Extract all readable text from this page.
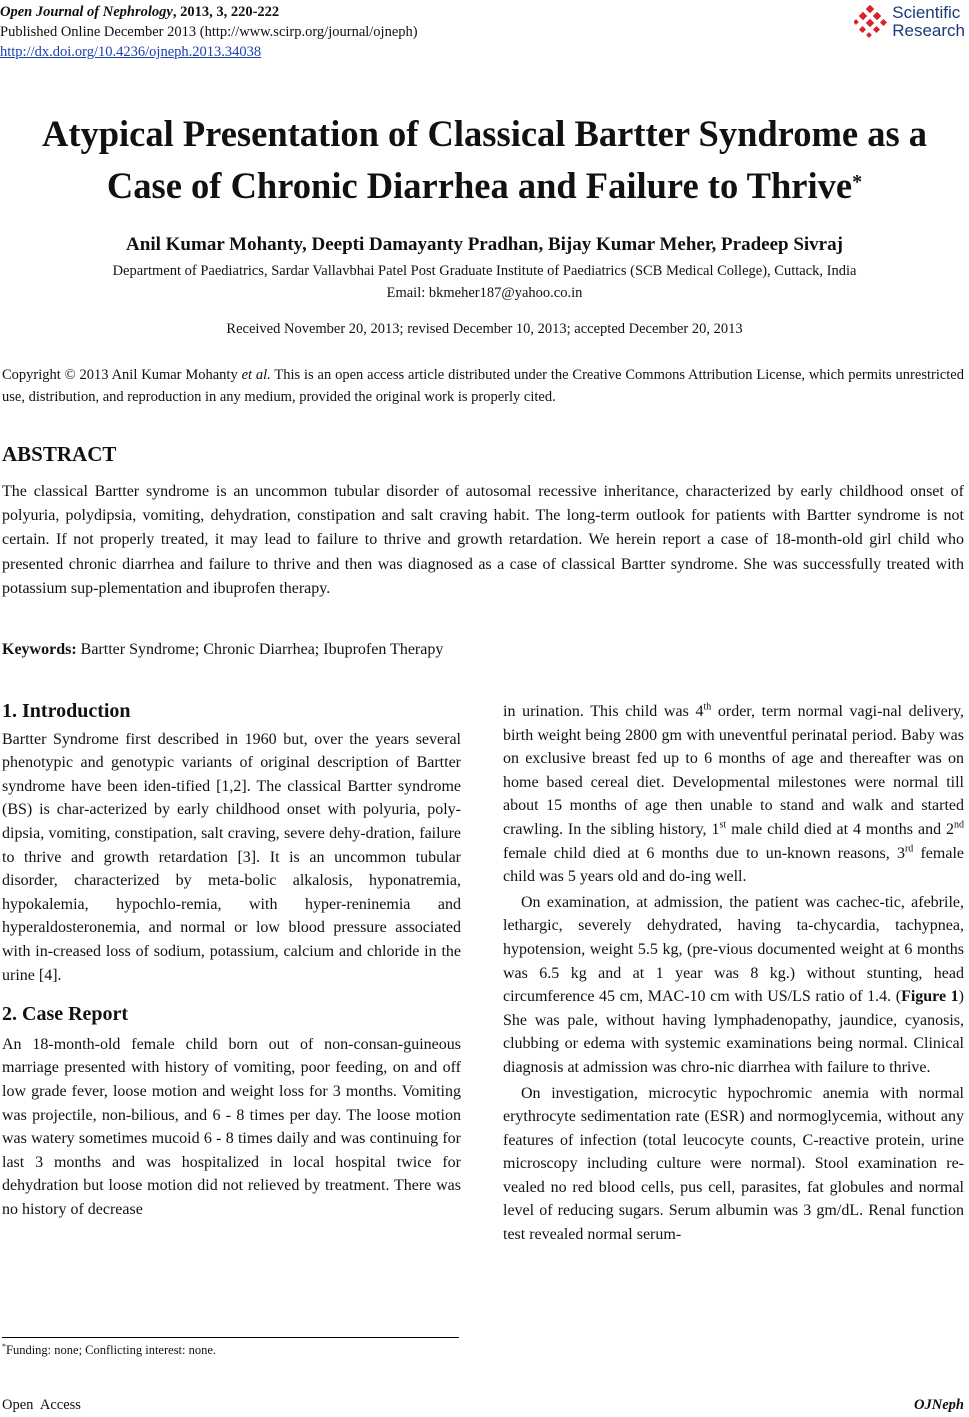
Open Journal of Nephrology, 2013, 3, 220-222
Published Online December 2013 (http://www.scirp.org/journal/ojneph)
http://dx.doi.org/10.4236/ojneph.2013.34038
Scientific
Research
Atypical Presentation of Classical Bartter Syndrome as a
Case of Chronic Diarrhea and Failure to Thrive*
Anil Kumar Mohanty, Deepti Damayanty Pradhan, Bijay Kumar Meher, Pradeep Sivraj
Department of Paediatrics, Sardar Vallavbhai Patel Post Graduate Institute of Paediatrics (SCB Medical College), Cuttack, India
Email: bkmeher187@yahoo.co.in
Received November 20, 2013; revised December 10, 2013; accepted December 20, 2013
Copyright © 2013 Anil Kumar Mohanty et al. This is an open access article distributed under the Creative Commons Attribution License, which permits unrestricted use, distribution, and reproduction in any medium, provided the original work is properly cited.
ABSTRACT
The classical Bartter syndrome is an uncommon tubular disorder of autosomal recessive inheritance, characterized by early childhood onset of polyuria, polydipsia, vomiting, dehydration, constipation and salt craving habit. The long-term outlook for patients with Bartter syndrome is not certain. If not properly treated, it may lead to failure to thrive and growth retardation. We herein report a case of 18-month-old girl child who presented chronic diarrhea and failure to thrive and then was diagnosed as a case of classical Bartter syndrome. She was successfully treated with potassium sup-plementation and ibuprofen therapy.
Keywords: Bartter Syndrome; Chronic Diarrhea; Ibuprofen Therapy
1. Introduction

Bartter Syndrome first described in 1960 but, over the years several phenotypic and genotypic variants of original description of Bartter syndrome have been iden-tified [1,2]. The classical Bartter syndrome (BS) is char-acterized by early childhood onset with polyuria, poly-dipsia, vomiting, constipation, salt craving, severe dehy-dration, failure to thrive and growth retardation [3]. It is an uncommon tubular disorder, characterized by meta-bolic alkalosis, hyponatremia, hypokalemia, hypochlo-remia, with hyper-reninemia and hyperaldosteronemia, and normal or low blood pressure associated with in-creased loss of sodium, potassium, calcium and chloride in the urine [4].

2. Case Report

An 18-month-old female child born out of non-consan-guineous marriage presented with history of vomiting, poor feeding, on and off low grade fever, loose motion and weight loss for 3 months. Vomiting was projectile, non-bilious, and 6 - 8 times per day. The loose motion was watery sometimes mucoid 6 - 8 times daily and was continuing for last 3 months and was hospitalized in local hospital twice for dehydration but loose motion did not relieved by treatment. There was no history of decrease

in urination. This child was 4th order, term normal vagi-nal delivery, birth weight being 2800 gm with uneventful perinatal period. Baby was on exclusive breast fed up to 6 months of age and thereafter was on home based cereal diet. Developmental milestones were normal till about 15 months of age then unable to stand and walk and started crawling. In the sibling history, 1st male child died at 4 months and 2nd female child died at 6 months due to un-known reasons, 3rd female child was 5 years old and do-ing well.

On examination, at admission, the patient was cachec-tic, afebrile, lethargic, severely dehydrated, having ta-chycardia, tachypnea, hypotension, weight 5.5 kg, (pre-vious documented weight at 6 months was 6.5 kg and at 1 year was 8 kg.) without stunting, head circumference 45 cm, MAC-10 cm with US/LS ratio of 1.4. (Figure 1) She was pale, without having lymphadenopathy, jaundice, cyanosis, clubbing or edema with systemic examinations being normal. Clinical diagnosis at admission was chro-nic diarrhea with failure to thrive.

On investigation, microcytic hypochromic anemia with normal erythrocyte sedimentation rate (ESR) and normoglycemia, without any features of infection (total leucocyte counts, C-reactive protein, urine microscopy including culture were normal). Stool examination re-vealed no red blood cells, pus cell, parasites, fat globules and normal level of reducing sugars. Serum albumin was 3 gm/dL. Renal function test revealed normal serum-

*Funding: none; Conflicting interest: none.
Open  Access	OJNeph
